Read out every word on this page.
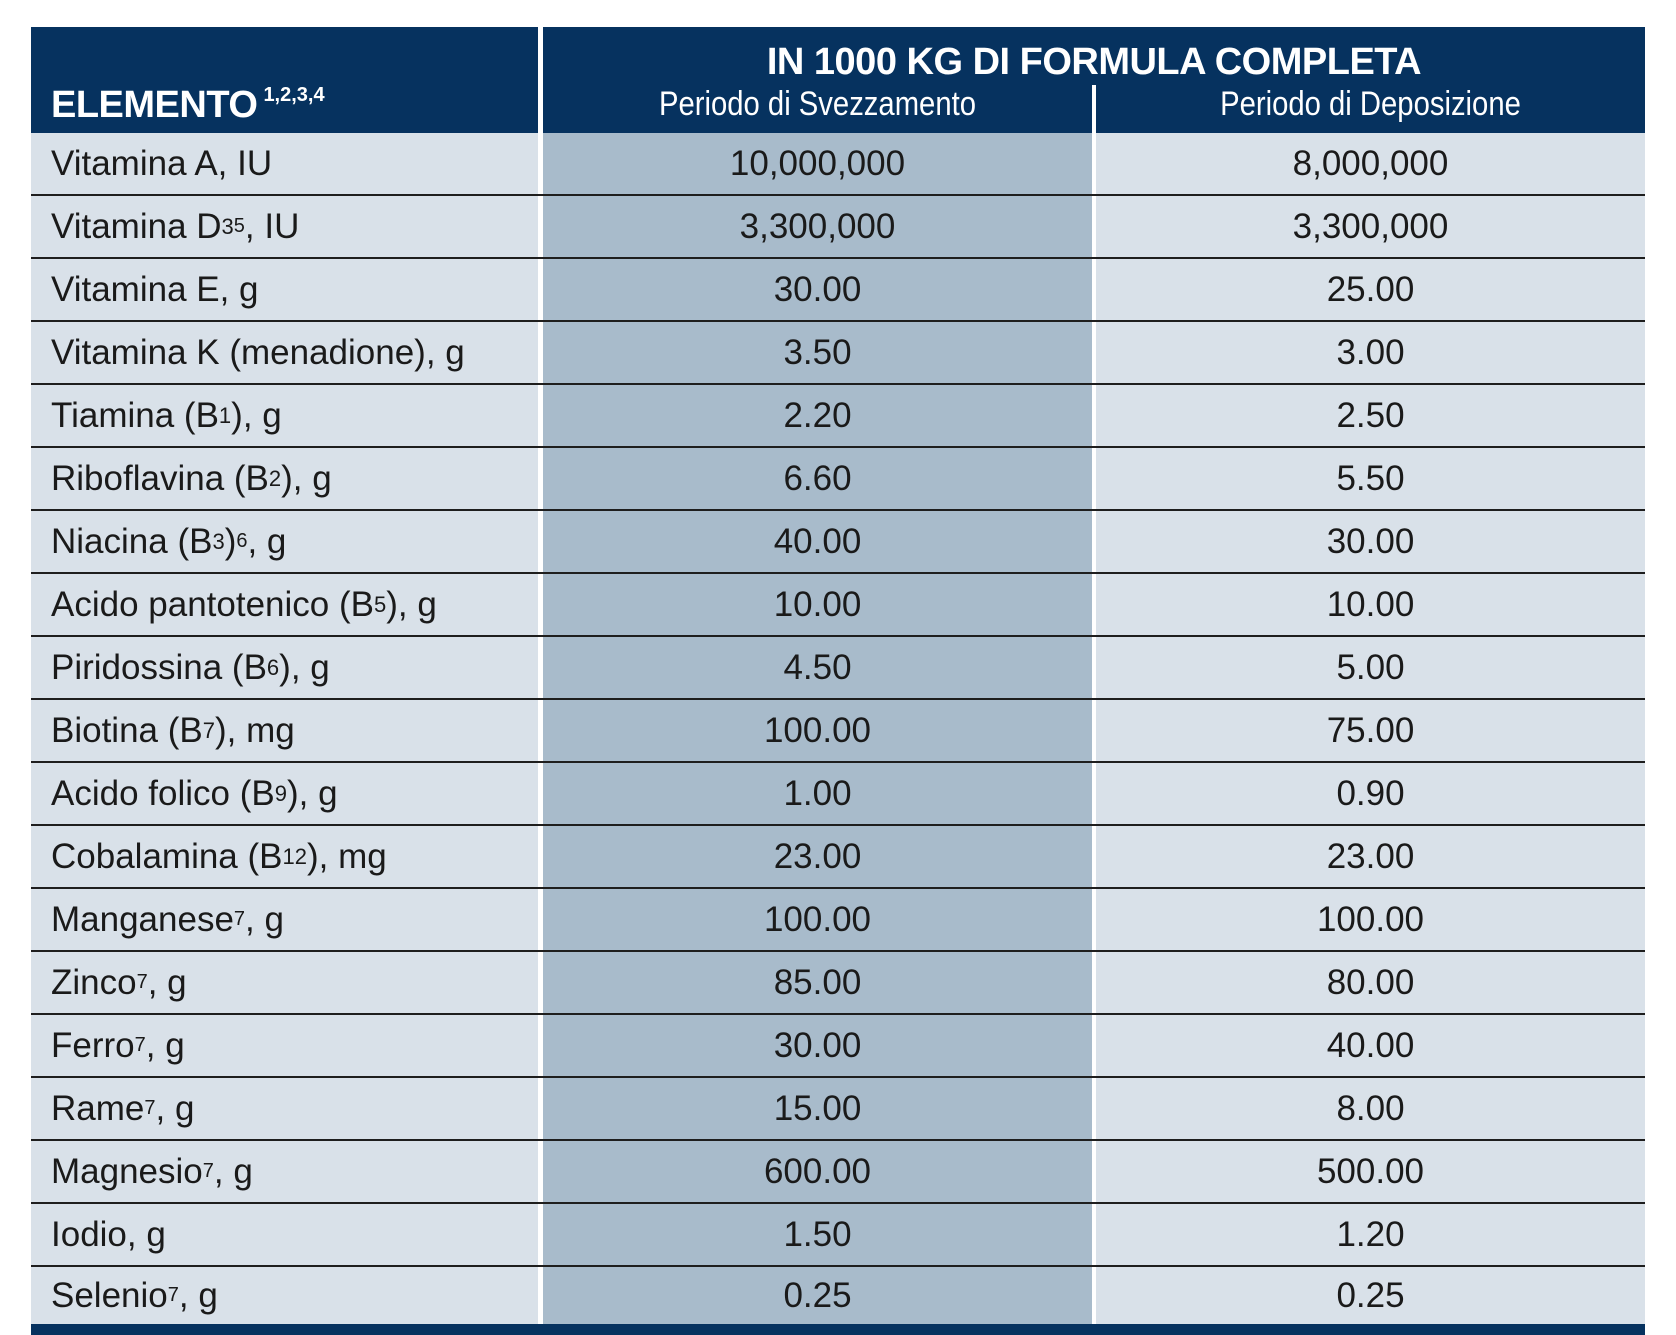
ELEMENTO $^{1,2,3,4}$
IN 1000 KG DI FORMULA COMPLETA
Periodo di Svezzamento	Periodo di Deposizione
Vitamina A, IU	10,000,000	8,000,000
Vitamina D 3 5 , IU	3,300,000	3,300,000
Vitamina E, g	30.00	25.00
Vitamina K (menadione), g	3.50	3.00
Tiamina (B 1 ), g	2.20	2.50
Riboflavina (B 2 ), g	6.60	5.50
Niacina (B 3 ) 6 , g	40.00	30.00
Acido pantotenico (B 5 ), g	10.00	10.00
Piridossina (B 6 ), g	4.50	5.00
Biotina (B 7 ), mg	100.00	75.00
Acido folico (B 9 ), g	1.00	0.90
Cobalamina (B 12 ), mg	23.00	23.00
Manganese 7 , g	100.00	100.00
Zinco 7 , g	85.00	80.00
Ferro 7 , g	30.00	40.00
Rame 7 , g	15.00	8.00
Magnesio 7 , g	600.00	500.00
Iodio, g	1.50	1.20
Selenio 7 , g	0.25	0.25
